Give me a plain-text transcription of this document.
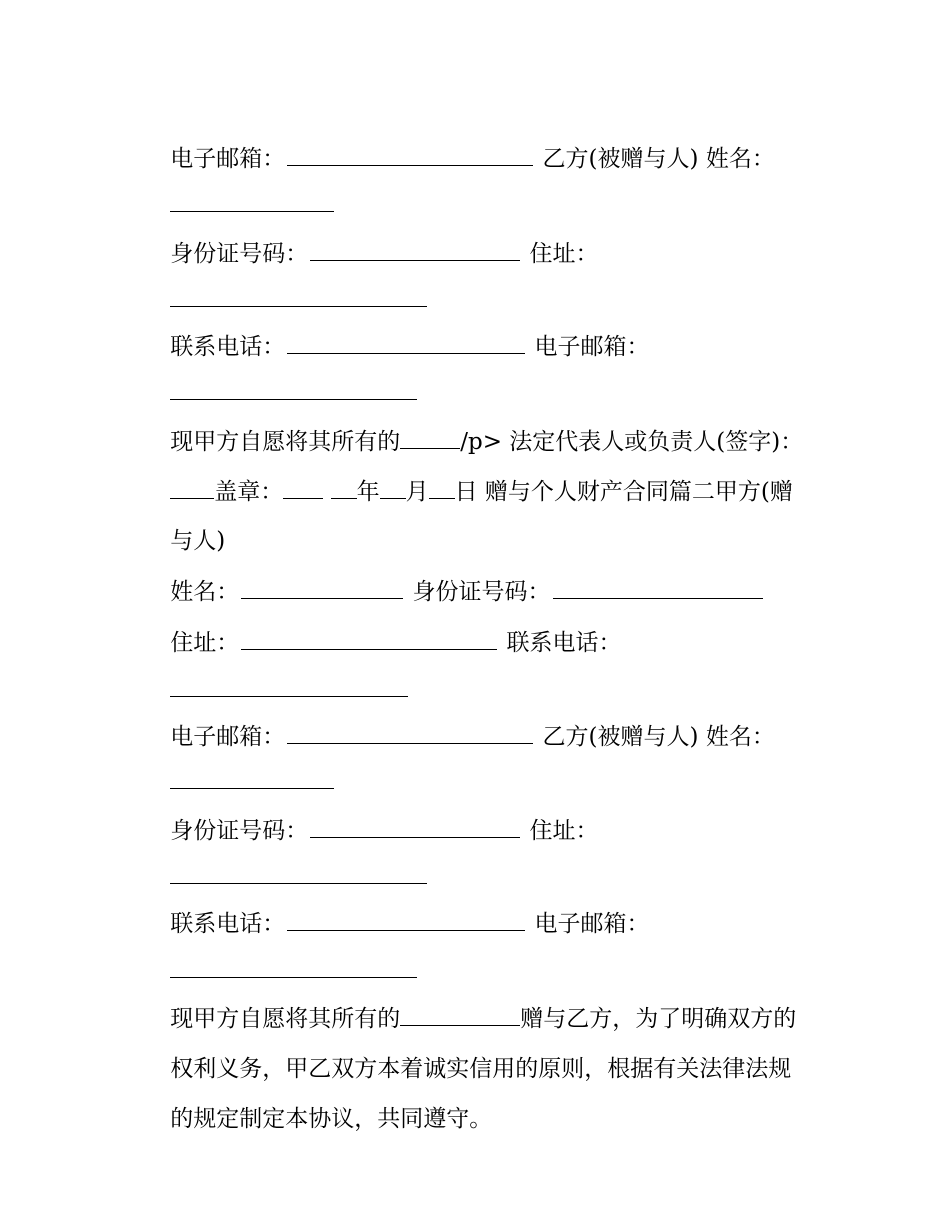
电子邮箱：	乙方(被赠与人) 姓名：

身份证号码：	住址：

联系电话：	电子邮箱：

现甲方自愿将其所有的	/p> 法定代表人或负责人(签字)：

盖章：	年 月 日 赠与个人财产合同篇二甲方(赠

与人)

姓名：	身份证号码：

住址：	联系电话：

电子邮箱：	乙方(被赠与人) 姓名：

身份证号码：	住址：

联系电话：	电子邮箱：

现甲方自愿将其所有的	赠与乙方，为了明确双方的

权利义务，甲乙双方本着诚实信用的原则，根据有关法律法规

的规定制定本协议，共同遵守。
